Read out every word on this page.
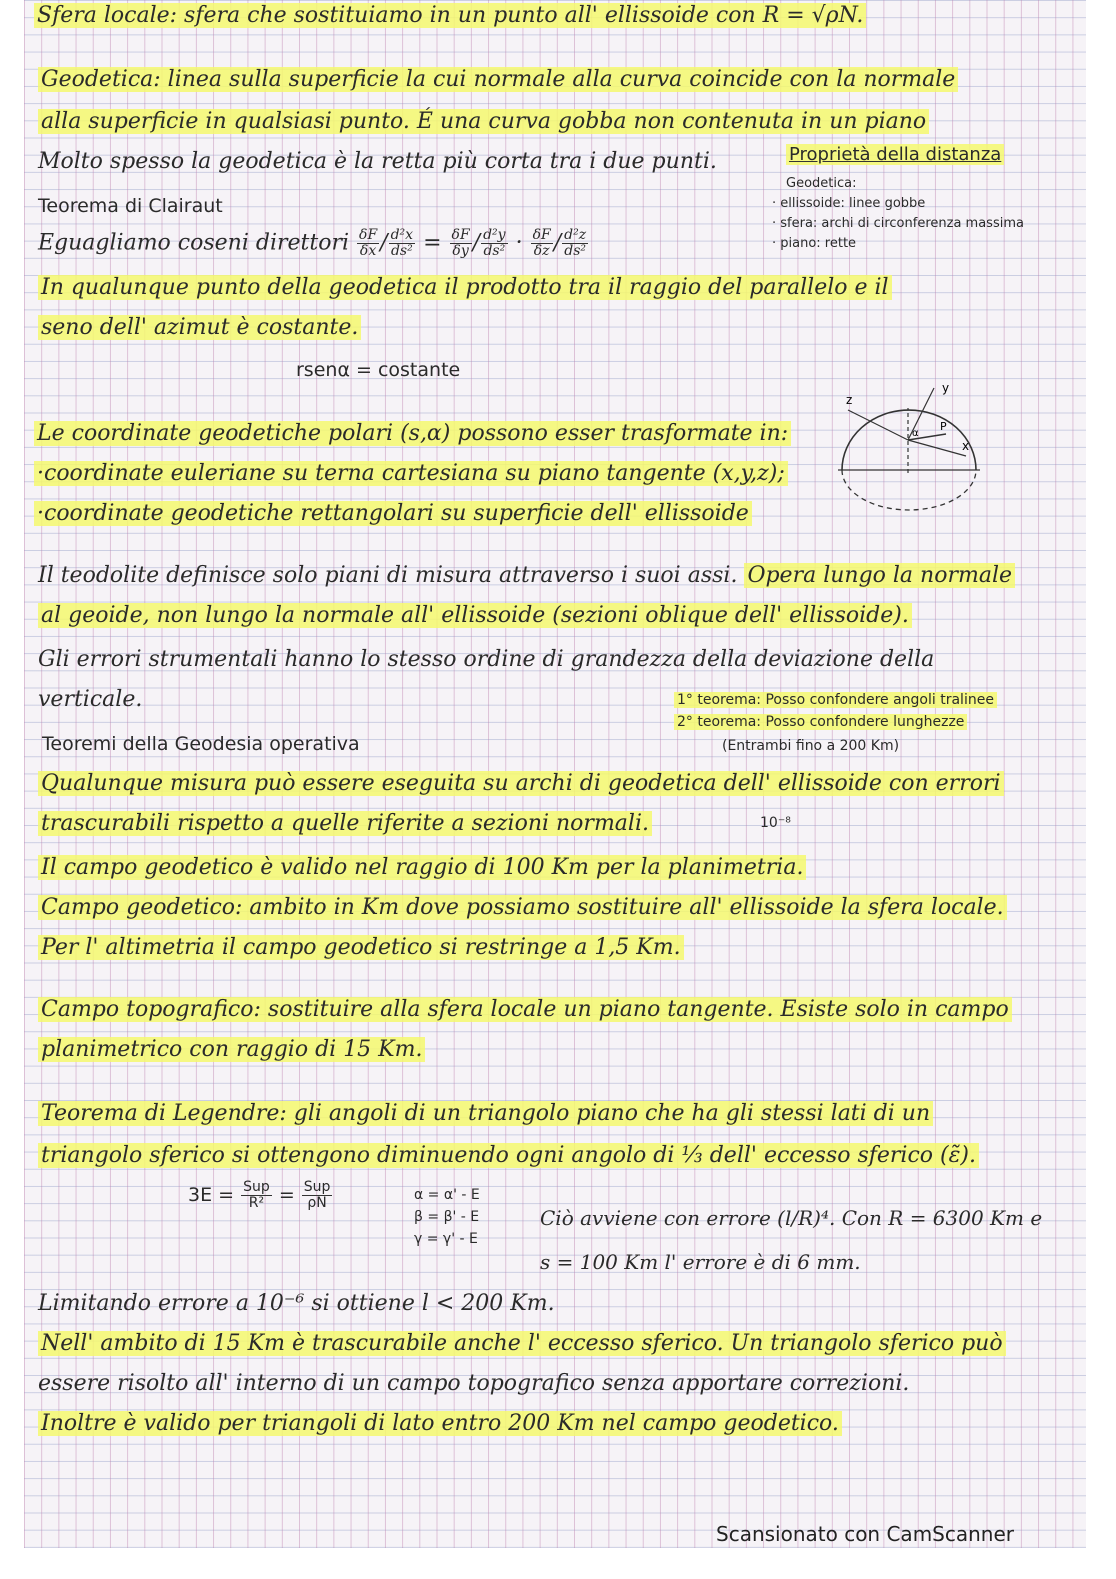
Sfera locale: sfera che sostituiamo in un punto all' ellissoide con R = √ρN.
Geodetica: linea sulla superficie la cui normale alla curva coincide con la normale
alla superficie in qualsiasi punto. É una curva gobba non contenuta in un piano
Molto spesso la geodetica è la retta più corta tra i due punti.	Proprietà della distanza
Geodetica:
· ellissoide: linee gobbe
· sfera: archi di circonferenza massima
· piano: rette
Teorema di Clairaut
Eguagliamo coseni direttori $\frac{\delta F}{\delta x} / \frac{\text{d²x}}{\text{ds²}} = \frac{\delta F}{\delta y} / \frac{\text{d²y}}{\text{ds²}} \cdot \frac{\delta F}{\delta z} / \frac{\text{d²z}}{\text{ds²}}$
In qualunque punto della geodetica il prodotto tra il raggio del parallelo e il
seno dell' azimut è costante.
rsenα = costante
z
y
x
P
α
Le coordinate geodetiche polari (s,α) possono esser trasformate in:
·coordinate euleriane su terna cartesiana su piano tangente (x,y,z);
·coordinate geodetiche rettangolari su superficie dell' ellissoide
Il teodolite definisce solo piani di misura attraverso i suoi assi. Opera lungo la normale
al geoide, non lungo la normale all' ellissoide (sezioni oblique dell' ellissoide).
Gli errori strumentali hanno lo stesso ordine di grandezza della deviazione della
verticale.	1° teorema: Posso confondere angoli tralinee
2° teorema: Posso confondere lunghezze
(Entrambi fino a 200 Km)
Teoremi della Geodesia operativa
Qualunque misura può essere eseguita su archi di geodetica dell' ellissoide con errori
trascurabili rispetto a quelle riferite a sezioni normali.	10⁻⁸
Il campo geodetico è valido nel raggio di 100 Km per la planimetria.
Campo geodetico: ambito in Km dove possiamo sostituire all' ellissoide la sfera locale.
Per l' altimetria il campo geodetico si restringe a 1,5 Km.
Campo topografico: sostituire alla sfera locale un piano tangente. Esiste solo in campo
planimetrico con raggio di 15 Km.
Teorema di Legendre: gli angoli di un triangolo piano che ha gli stessi lati di un
triangolo sferico si ottengono diminuendo ogni angolo di ⅓ dell' eccesso sferico (ε̃).
$3E = \frac{\text{Sup}}{\text{R²}} = \frac{\text{Sup}}{\rho N}$	α = α' - E
β = β' - E
γ = γ' - E
Ciò avviene con errore (l/R)⁴. Con R = 6300 Km e
s = 100 Km l' errore è di 6 mm.
Limitando errore a 10⁻⁶ si ottiene l < 200 Km.
Nell' ambito di 15 Km è trascurabile anche l' eccesso sferico. Un triangolo sferico può
essere risolto all' interno di un campo topografico senza apportare correzioni.
Inoltre è valido per triangoli di lato entro 200 Km nel campo geodetico.
Scansionato con CamScanner
